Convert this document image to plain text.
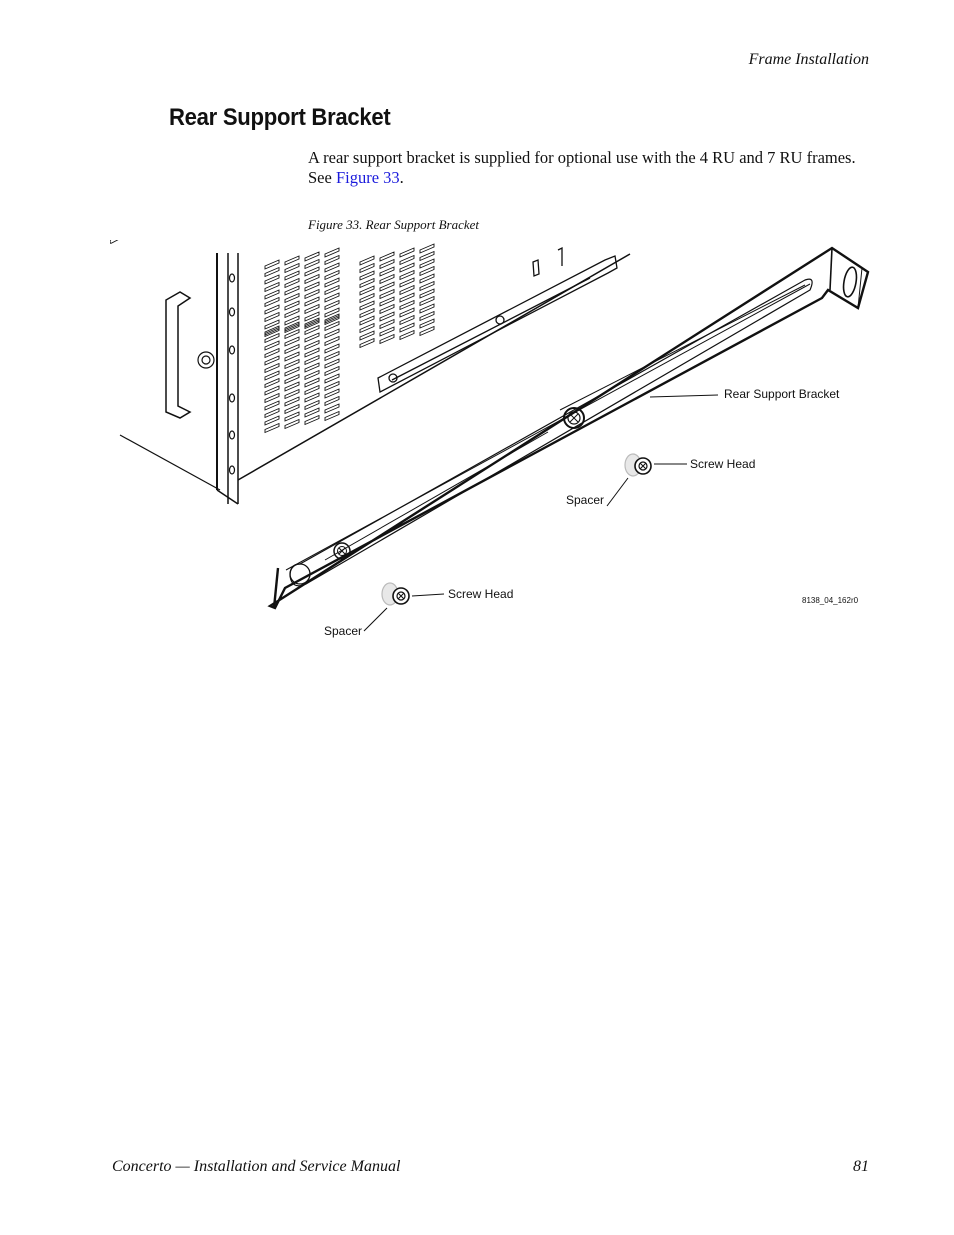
Frame Installation
Rear Support Bracket

A rear support bracket is supplied for optional use with the 4 RU and 7 RU frames. See Figure 33.

Figure 33. Rear Support Bracket
Rear Support Bracket
Screw Head
Spacer
Screw Head
Spacer
8138_04_162r0
Concerto — Installation and Service Manual	81
